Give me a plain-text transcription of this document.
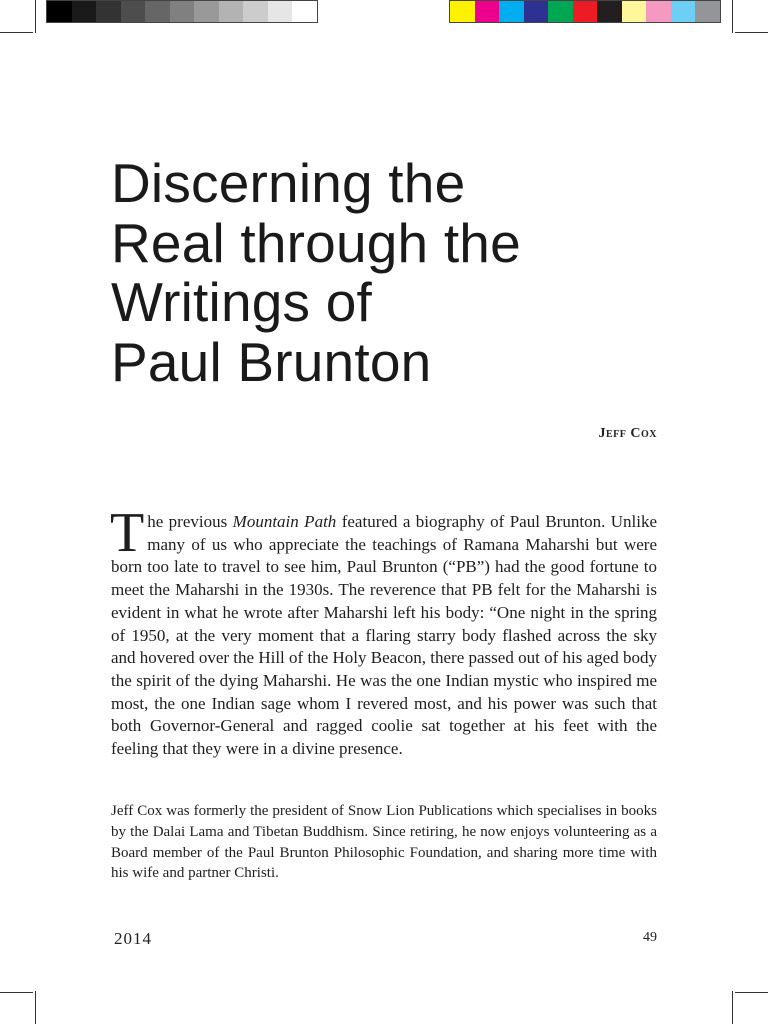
Discerning the
Real through the
Writings of
Paul Brunton
Jeff Cox

The previous Mountain Path featured a biography of Paul Brunton. Unlike many of us who appreciate the teachings of Ramana Maharshi but were born too late to travel to see him, Paul Brunton (“PB”) had the good fortune to meet the Maharshi in the 1930s. The reverence that PB felt for the Maharshi is evident in what he wrote after Maharshi left his body: “One night in the spring of 1950, at the very moment that a flaring starry body flashed across the sky and hovered over the Hill of the Holy Beacon, there passed out of his aged body the spirit of the dying Maharshi. He was the one Indian mystic who inspired me most, the one Indian sage whom I revered most, and his power was such that both Governor-General and ragged coolie sat together at his feet with the feeling that they were in a divine presence.

Jeff Cox was formerly the president of Snow Lion Publications which specialises in books by the Dalai Lama and Tibetan Buddhism. Since retiring, he now enjoys volunteering as a Board member of the Paul Brunton Philosophic Foundation, and sharing more time with his wife and partner Christi.

2014	49
